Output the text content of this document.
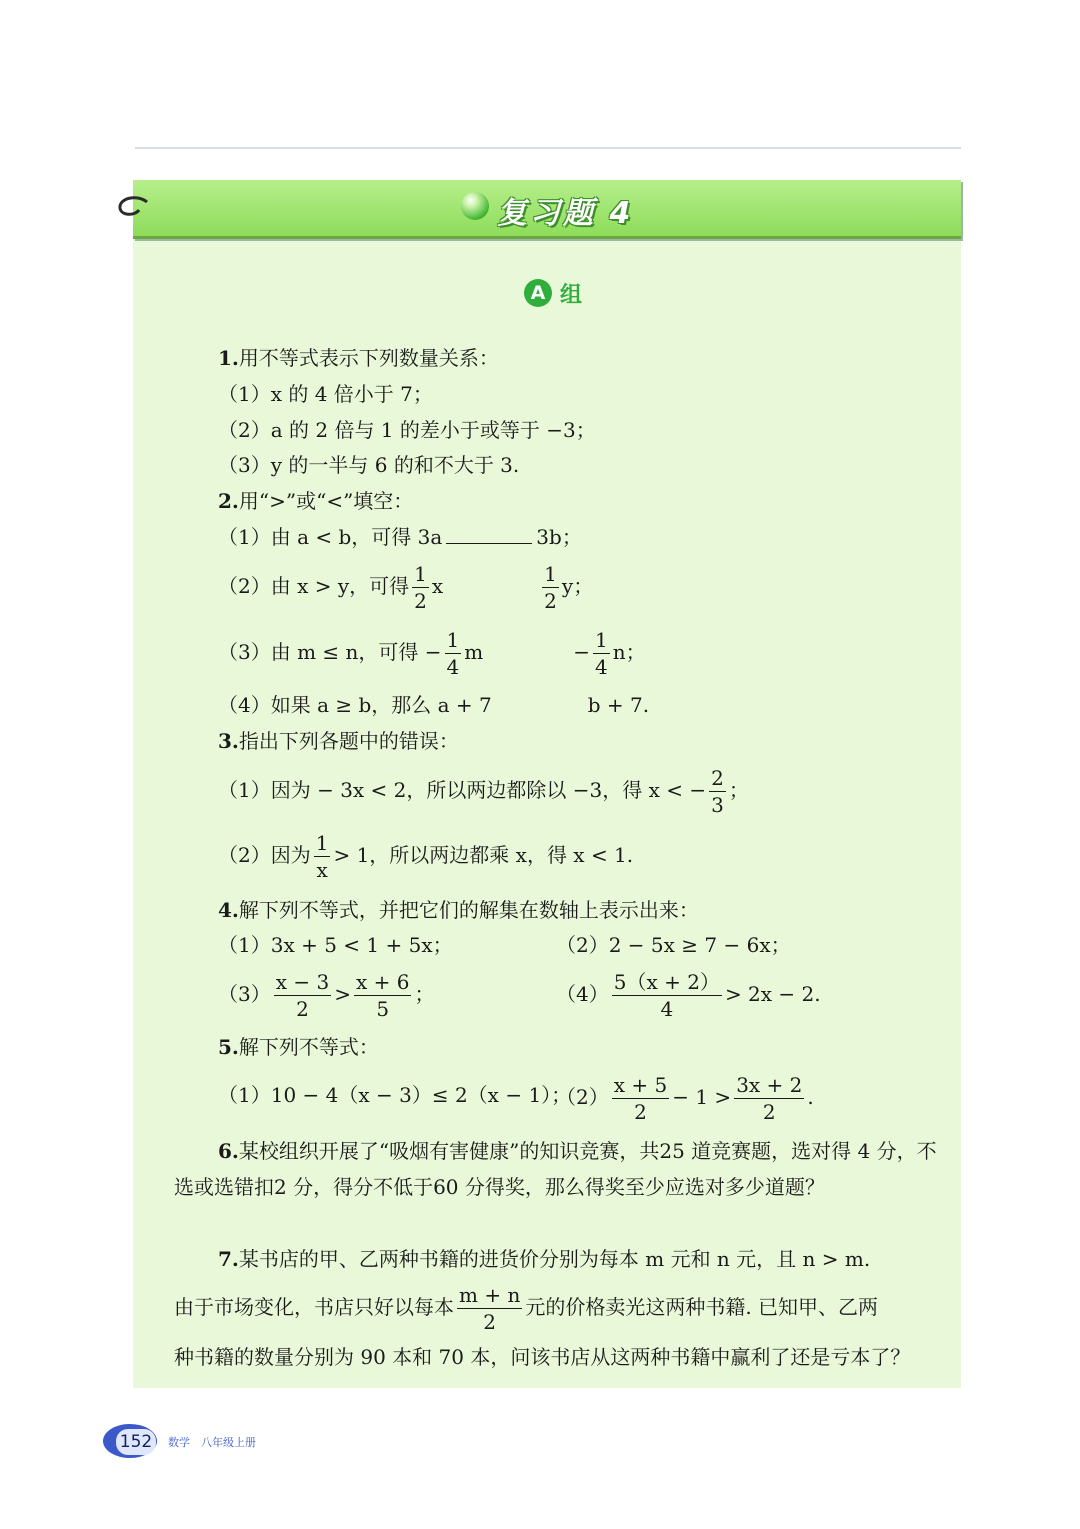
复习题 4
A 组
1.用不等式表示下列数量关系：
（1）x 的 4 倍小于 7；
（2）a 的 2 倍与 1 的差小于或等于 −3；
（3）y 的一半与 6 的和不大于 3.
2.用“>”或“<”填空：
（1）由 a < b，可得 3a	3b；
（2）由 x > y，可得 $\frac{1}{2}$ x	$\frac{1}{2}$ y；
（3）由 m ≤ n，可得 − $\frac{1}{4}$ m	− $\frac{1}{4}$ n；
（4）如果 a ≥ b，那么 a + 7	b + 7.
3.指出下列各题中的错误：
（1）因为 − 3x < 2，所以两边都除以 −3，得 x < − $\frac{2}{3}$ ；
（2）因为 $\frac{1}{x} > 1$，所以两边都乘 x，得 x < 1.
4.解下列不等式，并把它们的解集在数轴上表示出来：
（1）3x + 5 < 1 + 5x；	（2）2 − 5x ≥ 7 − 6x；
$(3) \frac{x - 3}{2} > \frac{x + 6}{5}$ ；	$(4) \frac{5(x + 2)}{4} > 2x - 2$.
5.解下列不等式：
（1）10 − 4（x − 3）≤ 2（x − 1）；
$(2) \frac{x + 5}{2} - 1 > \frac{3x + 2}{2}$ .
6.某校组织开展了“吸烟有害健康”的知识竞赛，共25 道竞赛题，选对得 4 分，不选或选错扣2 分，得分不低于60 分得奖，那么得奖至少应选对多少道题？
7.某书店的甲、乙两种书籍的进货价分别为每本 m 元和 n 元，且 n > m.
由于市场变化，书店只好以每本 $\frac{m + n}{2}$ 元的价格卖光这两种书籍. 已知甲、乙两
种书籍的数量分别为 90 本和 70 本，问该书店从这两种书籍中赢利了还是亏本了？
152	数学　八年级上册
